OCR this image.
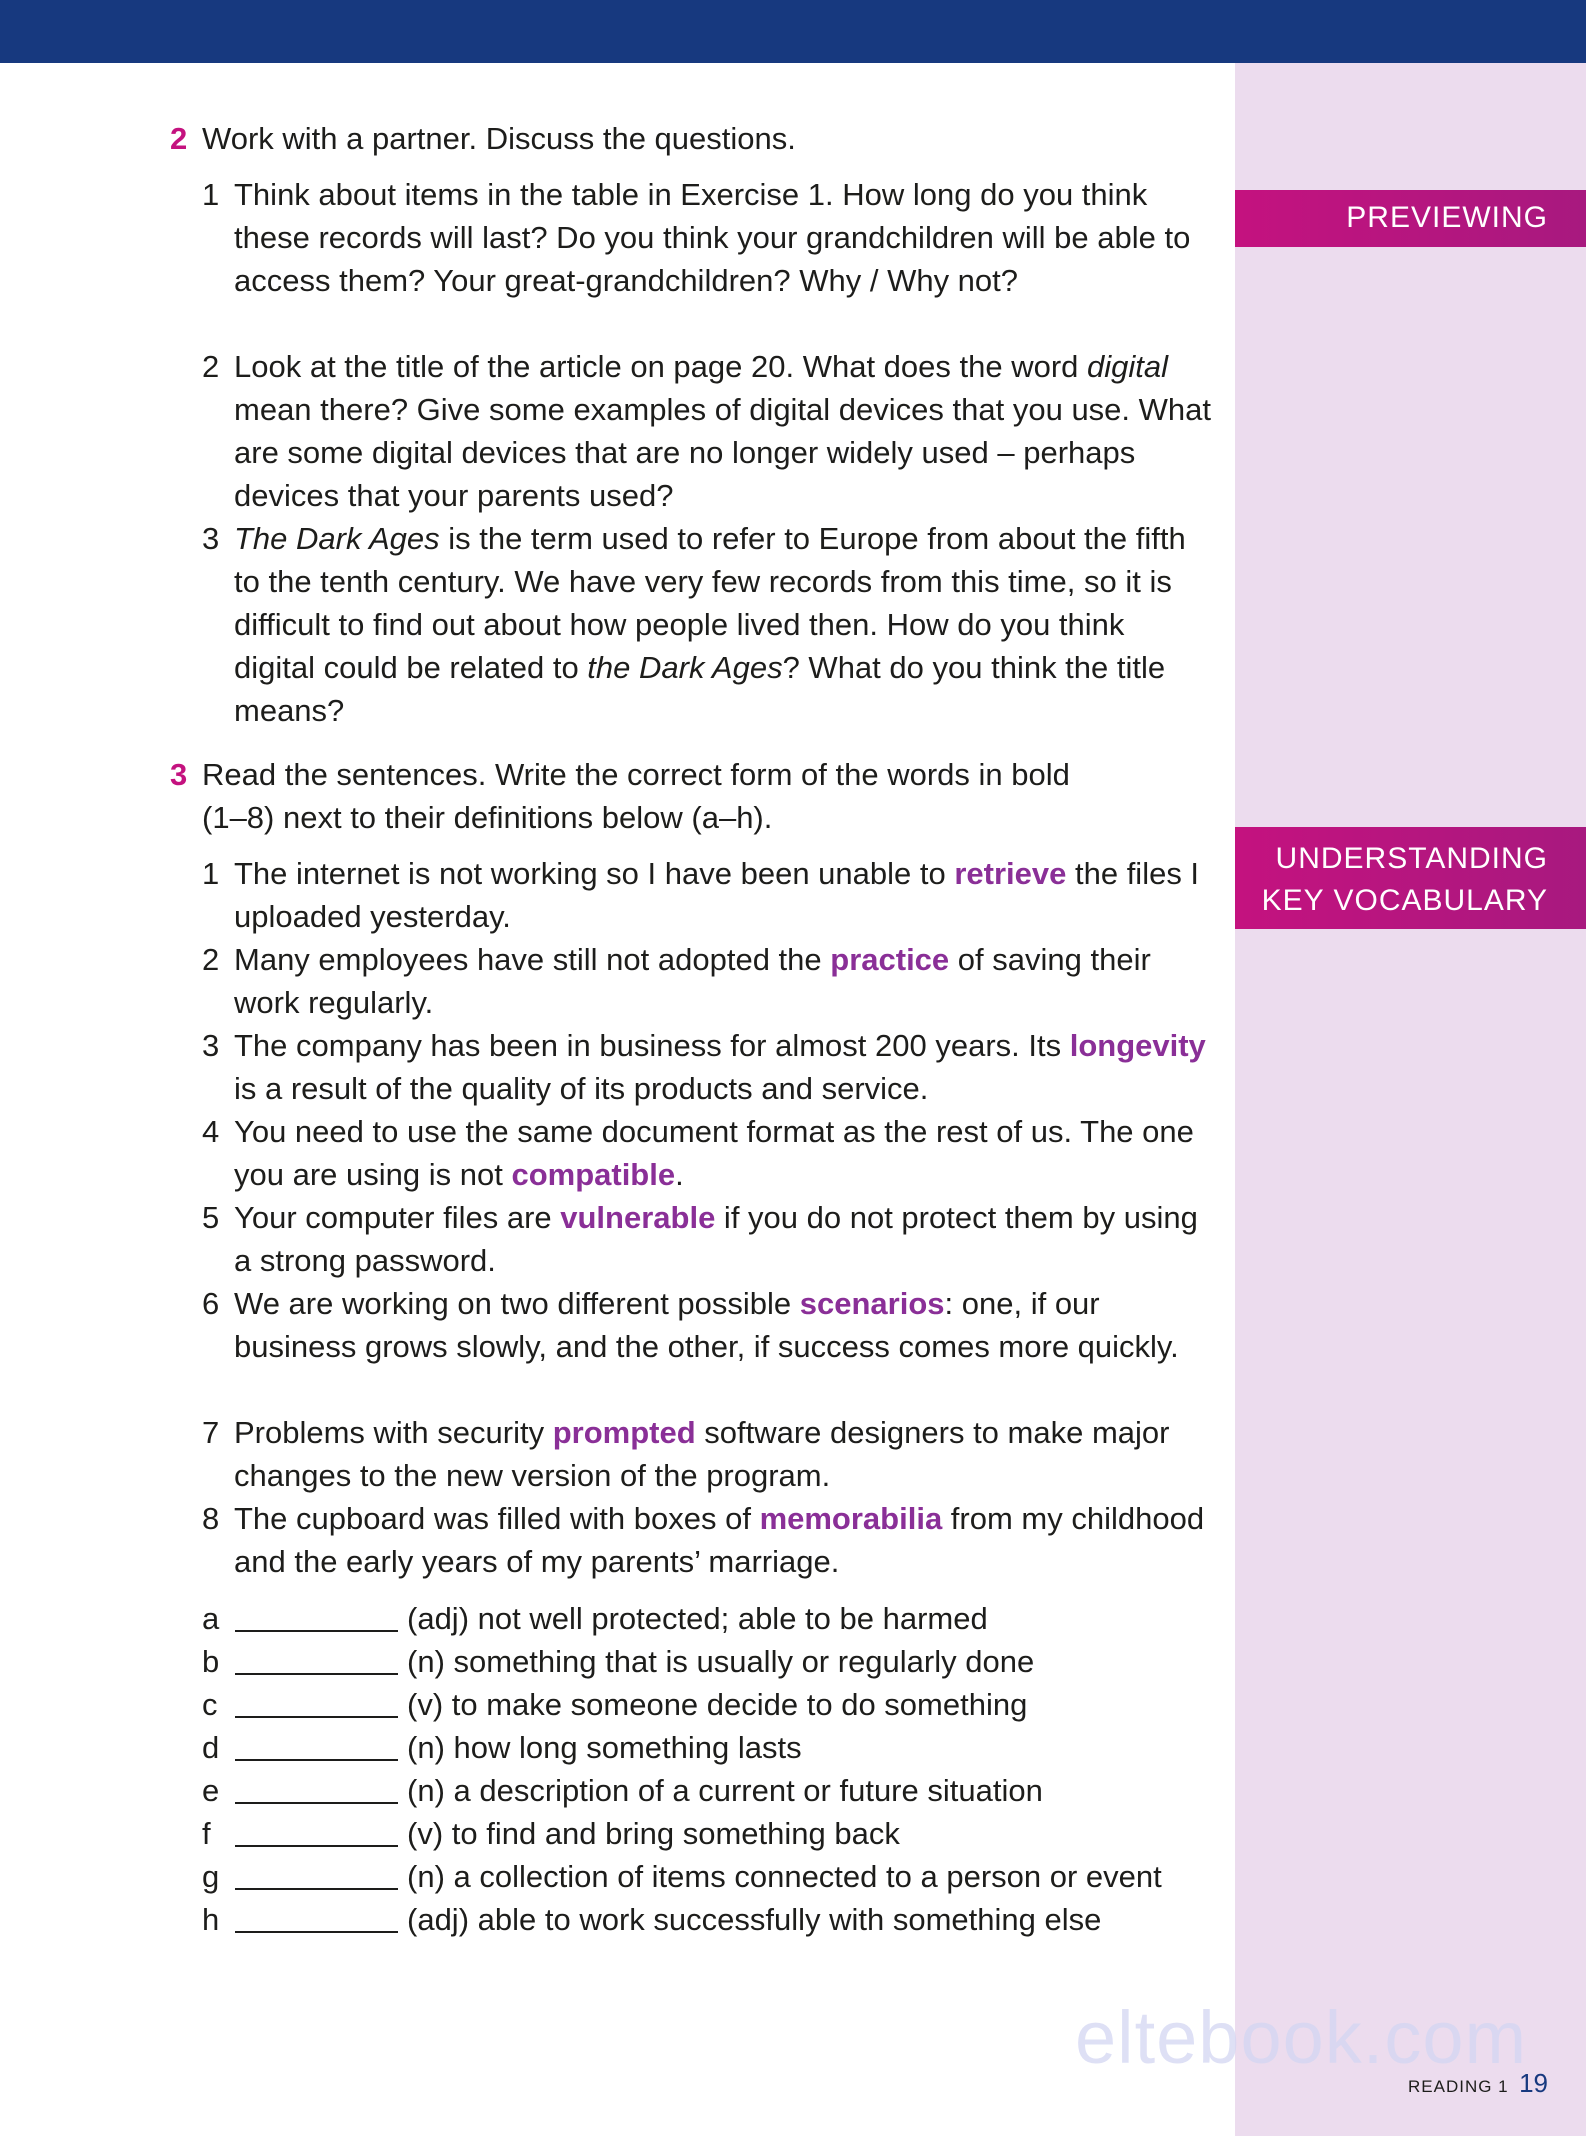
PREVIEWING
UNDERSTANDING
KEY VOCABULARY
2 Work with a partner. Discuss the questions.
1 Think about items in the table in Exercise 1. How long do you think these records will last? Do you think your grandchildren will be able to access them? Your great-grandchildren? Why / Why not?
2 Look at the title of the article on page 20. What does the word digital mean there? Give some examples of digital devices that you use. What are some digital devices that are no longer widely used – perhaps devices that your parents used?
3 The Dark Ages is the term used to refer to Europe from about the fifth to the tenth century. We have very few records from this time, so it is difficult to find out about how people lived then. How do you think digital could be related to the Dark Ages? What do you think the title means?
3 Read the sentences. Write the correct form of the words in bold
(1–8) next to their definitions below (a–h).
1 The internet is not working so I have been unable to retrieve the files I uploaded yesterday.
2 Many employees have still not adopted the practice of saving their work regularly.
3 The company has been in business for almost 200 years. Its longevity is a result of the quality of its products and service.
4 You need to use the same document format as the rest of us. The one you are using is not compatible.
5 Your computer files are vulnerable if you do not protect them by using a strong password.
6 We are working on two different possible scenarios: one, if our business grows slowly, and the other, if success comes more quickly.
7 Problems with security prompted software designers to make major changes to the new version of the program.
8 The cupboard was filled with boxes of memorabilia from my childhood and the early years of my parents’ marriage.
a	(adj) not well protected; able to be harmed
b	(n) something that is usually or regularly done
c	(v) to make someone decide to do something
d	(n) how long something lasts
e	(n) a description of a current or future situation
f	(v) to find and bring something back
g	(n) a collection of items connected to a person or event
h	(adj) able to work successfully with something else
eltebook.com
READING 1 19
